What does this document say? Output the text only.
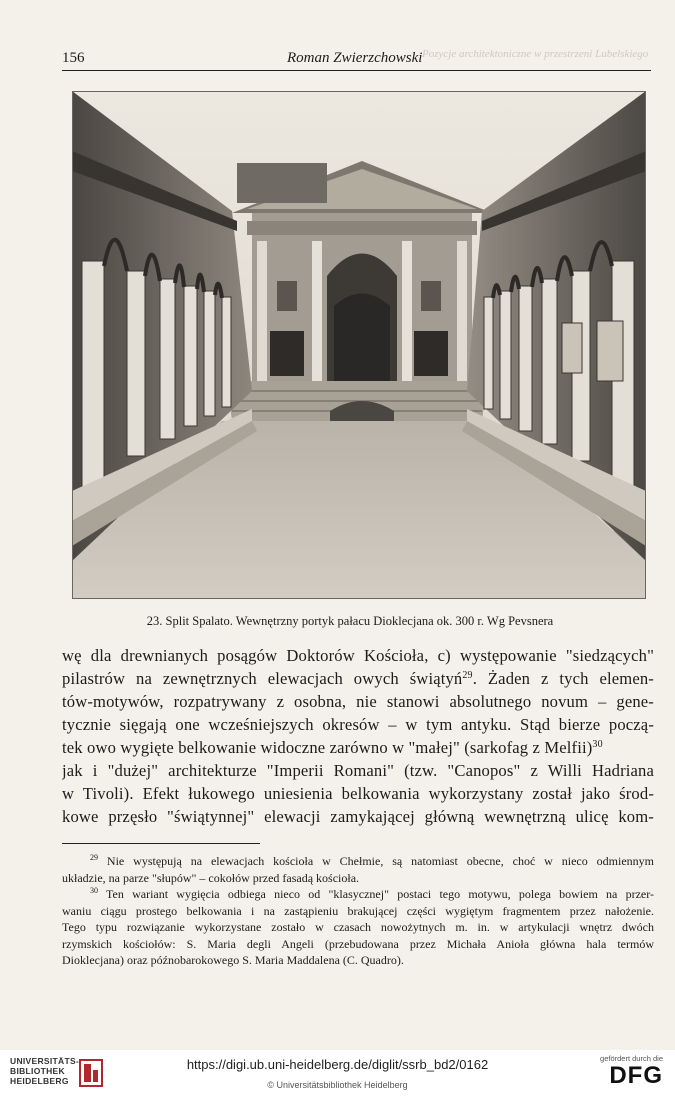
156	Roman Zwierzchowski Pozycje architektoniczne w przestrzeni Lubelskiego
23. Split Spalato. Wewnętrzny portyk pałacu Dioklecjana ok. 300 r. Wg Pevsnera
wę dla drewnianych posągów Doktorów Kościoła, c) występowanie "siedzących"
pilastrów na zewnętrznych elewacjach owych świątyń$^{29}$. Żaden z tych elemen-
tów-motywów, rozpatrywany z osobna, nie stanowi absolutnego novum – gene-
tycznie sięgają one wcześniejszych okresów – w tym antyku. Stąd bierze począ-
tek owo wygięte belkowanie widoczne zarówno w "małej" (sarkofag z Melfii)$^{30}$
jak i "dużej" architekturze "Imperii Romani" (tzw. "Canopos" z Willi Hadriana
w Tivoli). Efekt łukowego uniesienia belkowania wykorzystany został jako środ-
kowe przęsło "świątynnej" elewacji zamykającej główną wewnętrzną ulicę kom-
$^{29}$ Nie występują na elewacjach kościoła w Chełmie, są natomiast obecne, choć w nieco odmiennym
układzie, na parze "słupów" – cokołów przed fasadą kościoła.
$^{30}$ Ten wariant wygięcia odbiega nieco od "klasycznej" postaci tego motywu, polega bowiem na przer-
waniu ciągu prostego belkowania i na zastąpieniu brakującej części wygiętym fragmentem przez nałożenie.
Tego typu rozwiązanie wykorzystane zostało w czasach nowożytnych m. in. w artykulacji wnętrz dwóch
rzymskich kościołów: S. Maria degli Angeli (przebudowana przez Michała Anioła główna hala termów
Dioklecjana) oraz późnobarokowego S. Maria Maddalena (C. Quadro).
UNIVERSITÄTS-
BIBLIOTHEK
HEIDELBERG
https://digi.ub.uni-heidelberg.de/diglit/ssrb_bd2/0162
© Universitätsbibliothek Heidelberg
gefördert durch die
DFG
